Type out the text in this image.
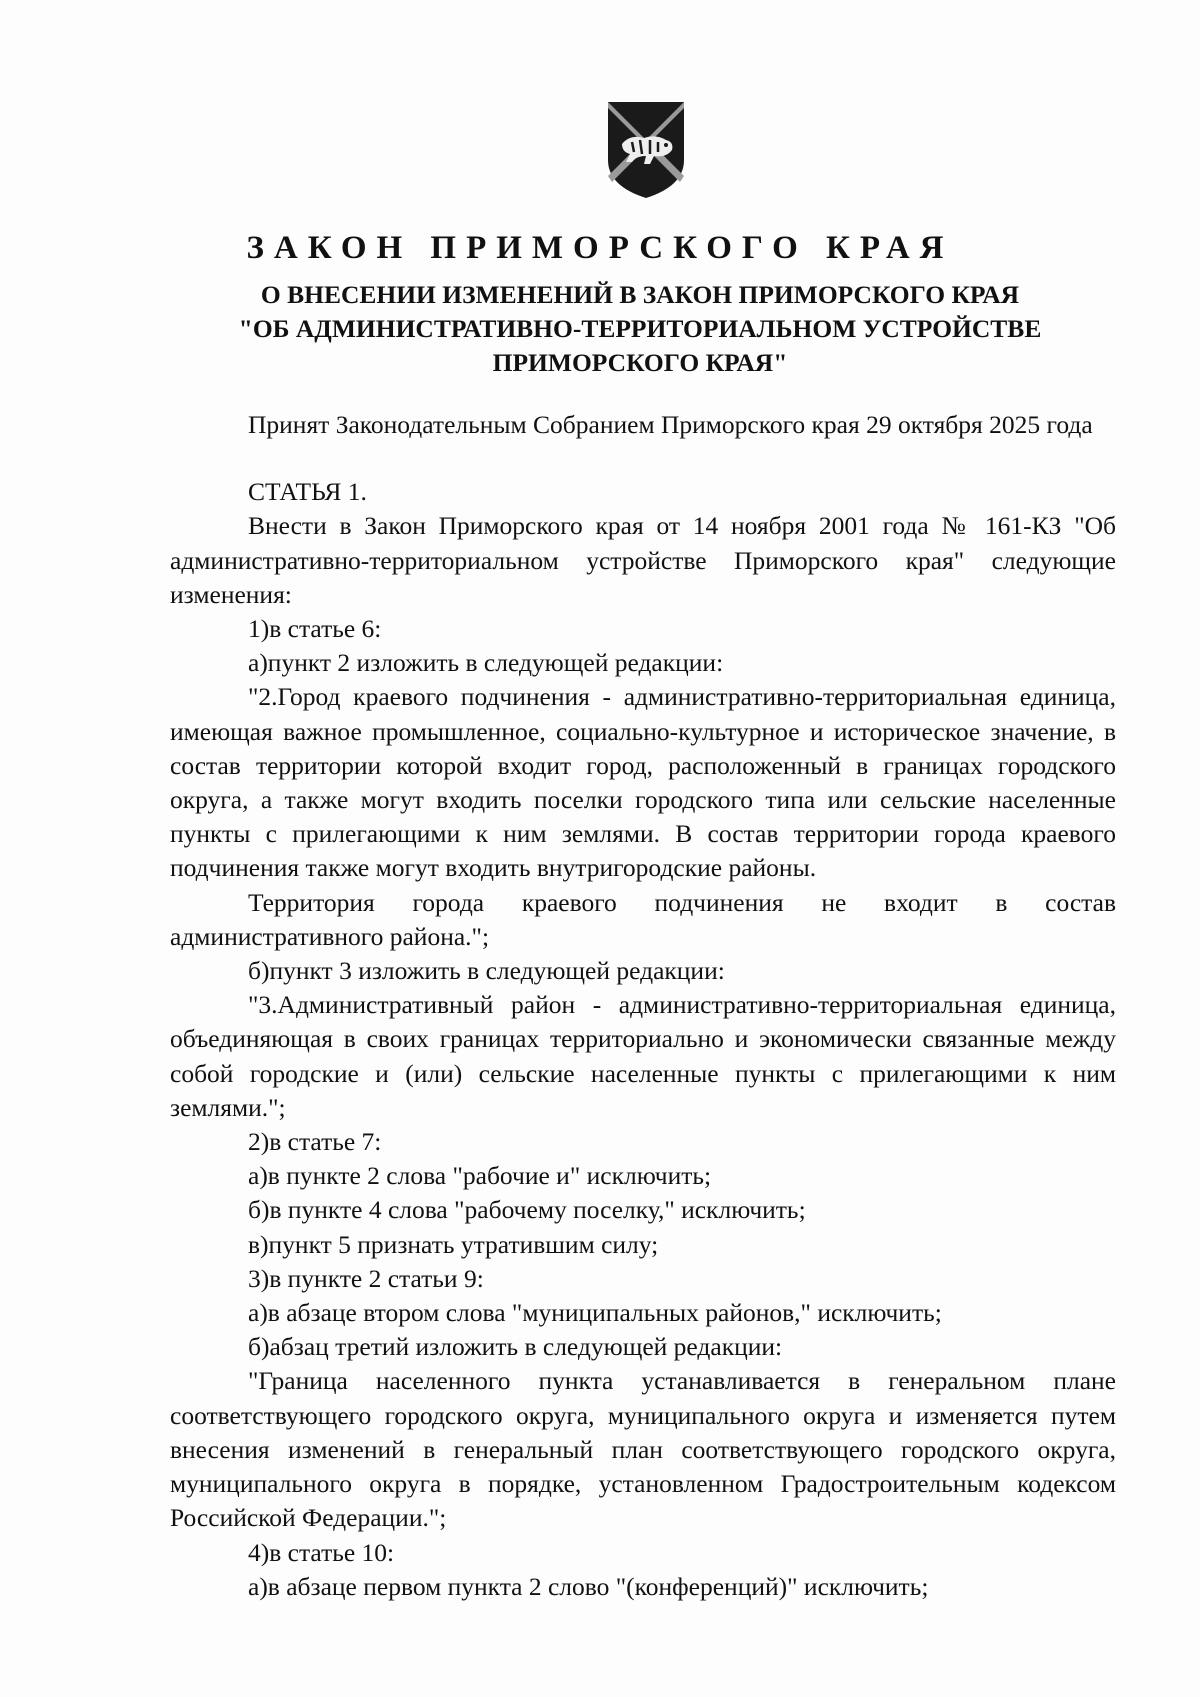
ЗАКОН ПРИМОРСКОГО КРАЯ
О ВНЕСЕНИИ ИЗМЕНЕНИЙ В ЗАКОН ПРИМОРСКОГО КРАЯ
"ОБ АДМИНИСТРАТИВНО-ТЕРРИТОРИАЛЬНОМ УСТРОЙСТВЕ
ПРИМОРСКОГО КРАЯ"

Принят Законодательным Собранием Приморского края 29 октября 2025 года

СТАТЬЯ 1.

Внести в Закон Приморского края от 14 ноября 2001 года № 161-КЗ "Об административно-территориальном устройстве Приморского края" следующие изменения:

1)в статье 6:

а)пункт 2 изложить в следующей редакции:

"2.Город краевого подчинения - административно-территориальная единица, имеющая важное промышленное, социально-культурное и историческое значение, в состав территории которой входит город, расположенный в границах городского округа, а также могут входить поселки городского типа или сельские населенные пункты с прилегающими к ним землями. В состав территории города краевого подчинения также могут входить внутригородские районы.

Территория города краевого подчинения не входит в состав административного района.";

б)пункт 3 изложить в следующей редакции:

"3.Административный район - административно-территориальная единица, объединяющая в своих границах территориально и экономически связанные между собой городские и (или) сельские населенные пункты с прилегающими к ним землями.";

2)в статье 7:

а)в пункте 2 слова "рабочие и" исключить;

б)в пункте 4 слова "рабочему поселку," исключить;

в)пункт 5 признать утратившим силу;

3)в пункте 2 статьи 9:

а)в абзаце втором слова "муниципальных районов," исключить;

б)абзац третий изложить в следующей редакции:

"Граница населенного пункта устанавливается в генеральном плане соответствующего городского округа, муниципального округа и изменяется путем внесения изменений в генеральный план соответствующего городского округа, муниципального округа в порядке, установленном Градостроительным кодексом Российской Федерации.";

4)в статье 10:

а)в абзаце первом пункта 2 слово "(конференций)" исключить;
